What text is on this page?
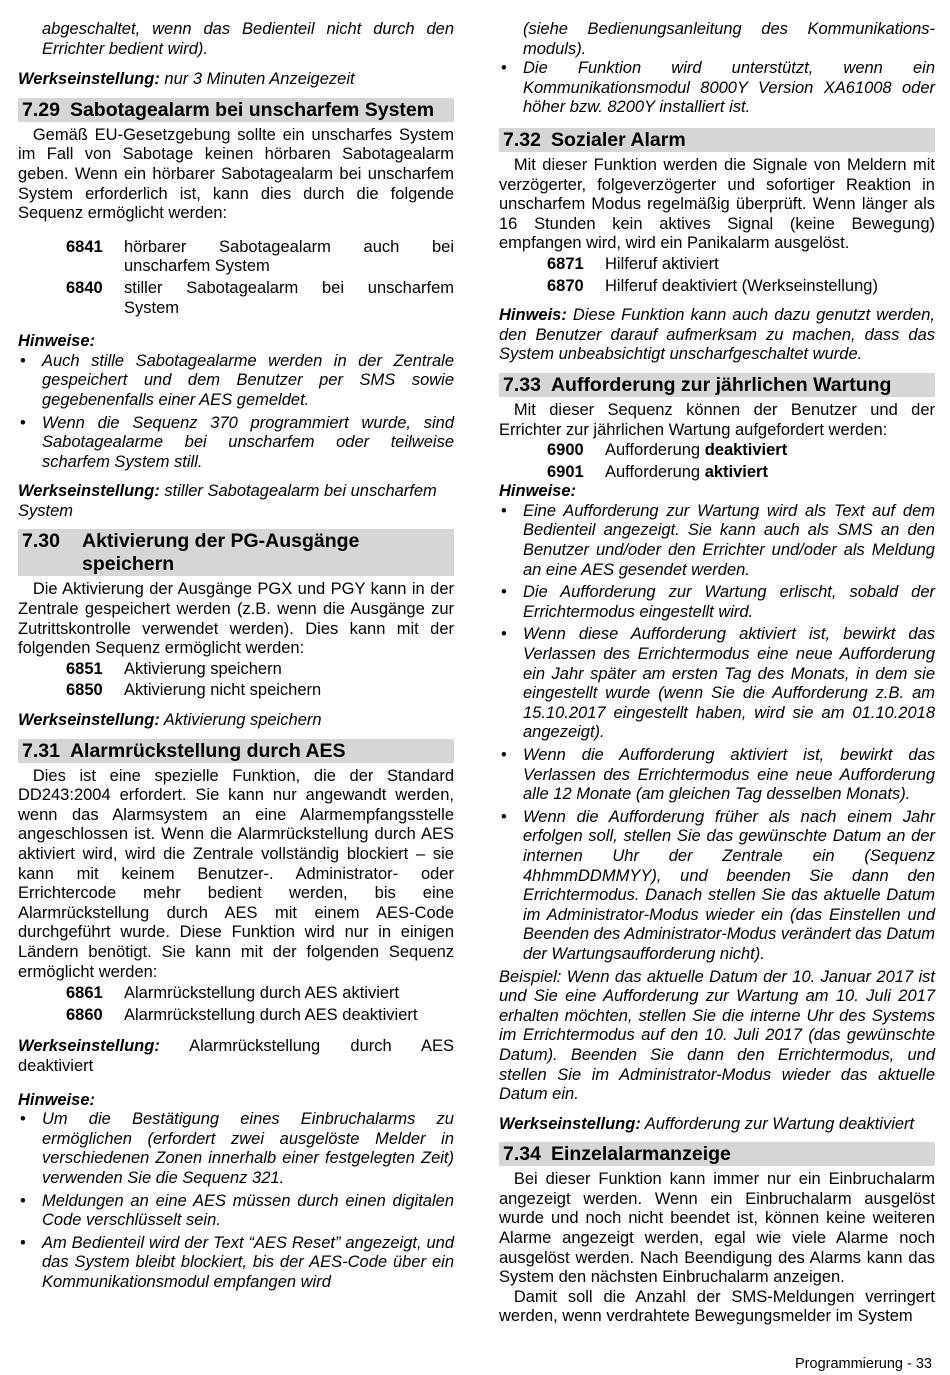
abgeschaltet, wenn das Bedienteil nicht durch den Errichter bedient wird).

Werkseinstellung: nur 3 Minuten Anzeigezeit

7.29 Sabotagealarm bei unscharfem System

Gemäß EU-Gesetzgebung sollte ein unscharfes System im Fall von Sabotage keinen hörbaren Sabotagealarm geben. Wenn ein hörbarer Sabotagealarm bei unscharfem System erforderlich ist, kann dies durch die folgende Sequenz ermöglicht werden:

6841	hörbarer Sabotagealarm auch bei unscharfem System
6840	stiller Sabotagealarm bei unscharfem System

Hinweise:

• Auch stille Sabotagealarme werden in der Zentrale gespeichert und dem Benutzer per SMS sowie gegebenenfalls einer AES gemeldet.
• Wenn die Sequenz 370 programmiert wurde, sind Sabotagealarme bei unscharfem oder teilweise scharfem System still.

Werkseinstellung: stiller Sabotagealarm bei unscharfem System

7.30	Aktivierung der PG-Ausgänge speichern

Die Aktivierung der Ausgänge PGX und PGY kann in der Zentrale gespeichert werden (z.B. wenn die Ausgänge zur Zutrittskontrolle verwendet werden). Dies kann mit der folgenden Sequenz ermöglicht werden:

6851	Aktivierung speichern
6850	Aktivierung nicht speichern

Werkseinstellung: Aktivierung speichern

7.31 Alarmrückstellung durch AES

Dies ist eine spezielle Funktion, die der Standard DD243:2004 erfordert. Sie kann nur angewandt werden, wenn das Alarmsystem an eine Alarmempfangsstelle angeschlossen ist. Wenn die Alarmrückstellung durch AES aktiviert wird, wird die Zentrale vollständig blockiert – sie kann mit keinem Benutzer-. Administrator- oder Errichtercode mehr bedient werden, bis eine Alarmrückstellung durch AES mit einem AES-Code durchgeführt wurde. Diese Funktion wird nur in einigen Ländern benötigt. Sie kann mit der folgenden Sequenz ermöglicht werden:

6861	Alarmrückstellung durch AES aktiviert
6860	Alarmrückstellung durch AES deaktiviert

Werkseinstellung: Alarmrückstellung durch AES deaktiviert

Hinweise:

• Um die Bestätigung eines Einbruchalarms zu ermöglichen (erfordert zwei ausgelöste Melder in verschiedenen Zonen innerhalb einer festgelegten Zeit) verwenden Sie die Sequenz 321.
• Meldungen an eine AES müssen durch einen digitalen Code verschlüsselt sein.
• Am Bedienteil wird der Text “AES Reset” angezeigt, und das System bleibt blockiert, bis der AES-Code über ein Kommunikationsmodul empfangen wird

(siehe Bedienungsanleitung des Kommunikations-moduls).

• Die Funktion wird unterstützt, wenn ein Kommunikationsmodul 8000Y Version XA61008 oder höher bzw. 8200Y installiert ist.
7.32 Sozialer Alarm

Mit dieser Funktion werden die Signale von Meldern mit verzögerter, folgeverzögerter und sofortiger Reaktion in unscharfem Modus regelmäßig überprüft. Wenn länger als 16 Stunden kein aktives Signal (keine Bewegung) empfangen wird, wird ein Panikalarm ausgelöst.

6871	Hilferuf aktiviert
6870	Hilferuf deaktiviert (Werkseinstellung)

Hinweis: Diese Funktion kann auch dazu genutzt werden, den Benutzer darauf aufmerksam zu machen, dass das System unbeabsichtigt unscharfgeschaltet wurde.

7.33 Aufforderung zur jährlichen Wartung

Mit dieser Sequenz können der Benutzer und der Errichter zur jährlichen Wartung aufgefordert werden:

6900	Aufforderung deaktiviert
6901	Aufforderung aktiviert

Hinweise:

• Eine Aufforderung zur Wartung wird als Text auf dem Bedienteil angezeigt. Sie kann auch als SMS an den Benutzer und/oder den Errichter und/oder als Meldung an eine AES gesendet werden.
• Die Aufforderung zur Wartung erlischt, sobald der Errichtermodus eingestellt wird.
• Wenn diese Aufforderung aktiviert ist, bewirkt das Verlassen des Errichtermodus eine neue Aufforderung ein Jahr später am ersten Tag des Monats, in dem sie eingestellt wurde (wenn Sie die Aufforderung z.B. am 15.10.2017 eingestellt haben, wird sie am 01.10.2018 angezeigt).
• Wenn die Aufforderung aktiviert ist, bewirkt das Verlassen des Errichtermodus eine neue Aufforderung alle 12 Monate (am gleichen Tag desselben Monats).
• Wenn die Aufforderung früher als nach einem Jahr erfolgen soll, stellen Sie das gewünschte Datum an der internen Uhr der Zentrale ein (Sequenz 4hhmmDDMMYY), und beenden Sie dann den Errichtermodus. Danach stellen Sie das aktuelle Datum im Administrator-Modus wieder ein (das Einstellen und Beenden des Administrator-Modus verändert das Datum der Wartungsaufforderung nicht).

Beispiel: Wenn das aktuelle Datum der 10. Januar 2017 ist und Sie eine Aufforderung zur Wartung am 10. Juli 2017 erhalten möchten, stellen Sie die interne Uhr des Systems im Errichtermodus auf den 10. Juli 2017 (das gewünschte Datum). Beenden Sie dann den Errichtermodus, und stellen Sie im Administrator-Modus wieder das aktuelle Datum ein.

Werkseinstellung: Aufforderung zur Wartung deaktiviert

7.34 Einzelalarmanzeige

Bei dieser Funktion kann immer nur ein Einbruchalarm angezeigt werden. Wenn ein Einbruchalarm ausgelöst wurde und noch nicht beendet ist, können keine weiteren Alarme angezeigt werden, egal wie viele Alarme noch ausgelöst werden. Nach Beendigung des Alarms kann das System den nächsten Einbruchalarm anzeigen.

Damit soll die Anzahl der SMS-Meldungen verringert werden, wenn verdrahtete Bewegungsmelder im System

Programmierung - 33
